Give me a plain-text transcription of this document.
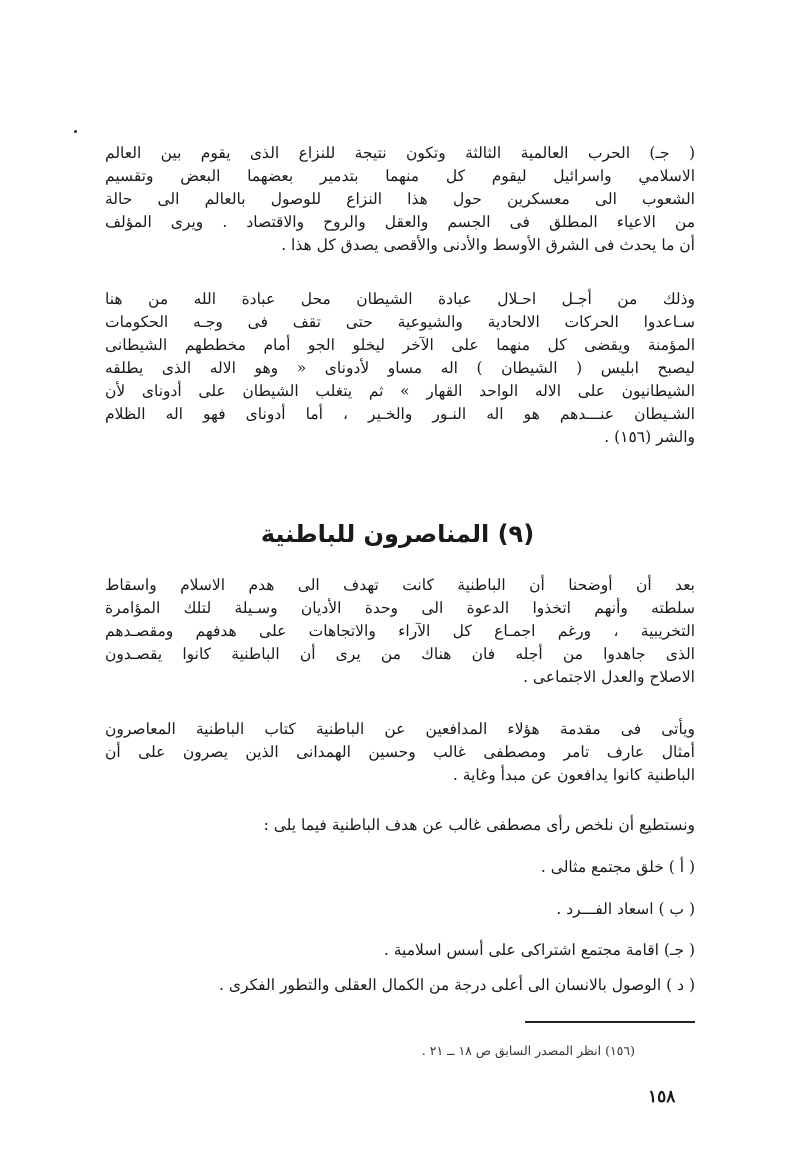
( جـ) الحرب العالمية الثالثة وتكون نتيجة للنزاع الذى يقوم بين العالم
الاسلامي واسرائيل ليقوم كل منهما بتدمير بعضهما البعض وتقسيم
الشعوب الى معسكرين حول هذا النزاع للوصول بالعالم الى حالة
من الاعياء المطلق فى الجسم والعقل والروح والاقتصاد . ويرى المؤلف
أن ما يحدث فى الشرق الأوسط والأدنى والأقصى يصدق كل هذا .
وذلك من أجـل احـلال عبادة الشيطان محل عبادة الله من هنا
سـاعدوا الحركات الالحادية والشيوعية حتى تقف فى وجـه الحكومات
المؤمنة ويقضى كل منهما على الآخر ليخلو الجو أمام مخططهم الشيطانى
ليصبح ابليس ( الشيطان ) اله مساو لأدوناى « وهو الاله الذى يطلقه
الشيطانيون على الاله الواحد القهار » ثم يتغلب الشيطان على أدوناى لأن
الشـيطان عنـــدهم هو اله النـور والخـير ، أما أدوناى فهو اله الظلام
والشر (١٥٦) .
(٩) المناصرون للباطنية
بعد أن أوضحنا أن الباطنية كانت تهدف الى هدم الاسلام واسقاط
سلطته وأنهم اتخذوا الدعوة الى وحدة الأديان وسـيلة لتلك المؤامرة
التخريبية ، ورغم اجمـاع كل الآراء والاتجاهات على هدفهم ومقصـدهم
الذى جاهدوا من أجله فان هناك من يرى أن الباطنية كانوا يقصـدون
الاصلاح والعدل الاجتماعى .
ويأتى فى مقدمة هؤلاء المدافعين عن الباطنية كتاب الباطنية المعاصرون
أمثال عارف تامر ومصطفى غالب وحسين الهمدانى الذين يصرون على أن
الباطنية كانوا يدافعون عن مبدأ وغاية .
ونستطيع أن نلخص رأى مصطفى غالب عن هدف الباطنية فيما يلى :
( أ ) خلق مجتمع مثالى .
( ب ) اسعاد الفـــرد .
( جـ) اقامة مجتمع اشتراكى على أسس اسلامية .
( د ) الوصول بالانسان الى أعلى درجة من الكمال العقلى والتطور الفكرى .
(١٥٦) انظر المصدر السابق ص ١٨ ــ ٢١ .
١٥٨
